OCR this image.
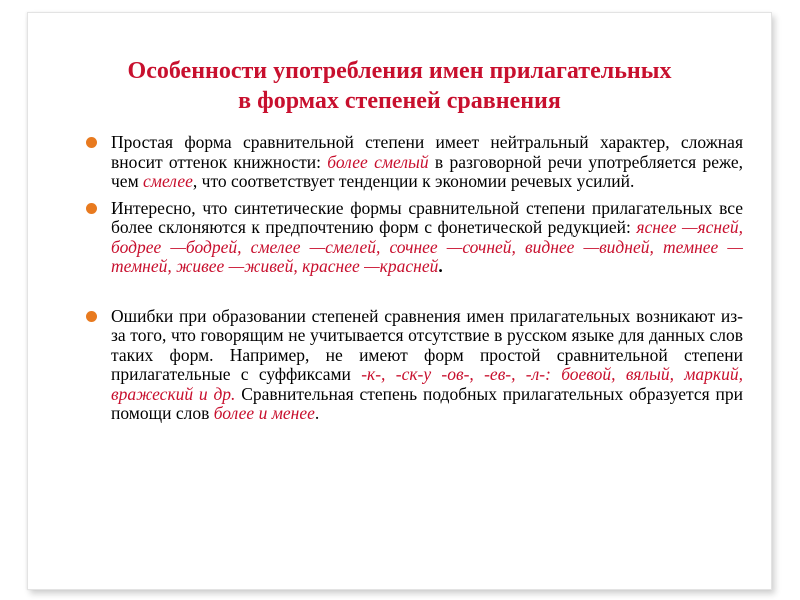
Особенности употребления имен прилагательных
в формах степеней сравнения
Простая форма сравнительной степени имеет нейтральный характер, сложная вносит оттенок книжности: более смелый в разговорной речи употребляется реже, чем смелее, что соответствует тенденции к экономии речевых усилий.
Интересно, что синтетические формы сравнительной степени прилагательных все более склоняются к предпочтению форм с фонетической редукцией: яснее —ясней, бодрее —бодрей, смелее —смелей, сочнее —сочней, виднее —видней, темнее —темней, живее —живей, краснее —красней.
Ошибки при образовании степеней сравнения имен прилагательных возникают из-за того, что говорящим не учитывается отсутствие в русском языке для данных слов таких форм. Например, не имеют форм простой сравнительной степени прилагательные с суффиксами -к-, -ск-у -ов-, -ев-, -л-: боевой, вялый, маркий, вражеский и др. Сравнительная степень подобных прилагательных образуется при помощи слов более и менее.
